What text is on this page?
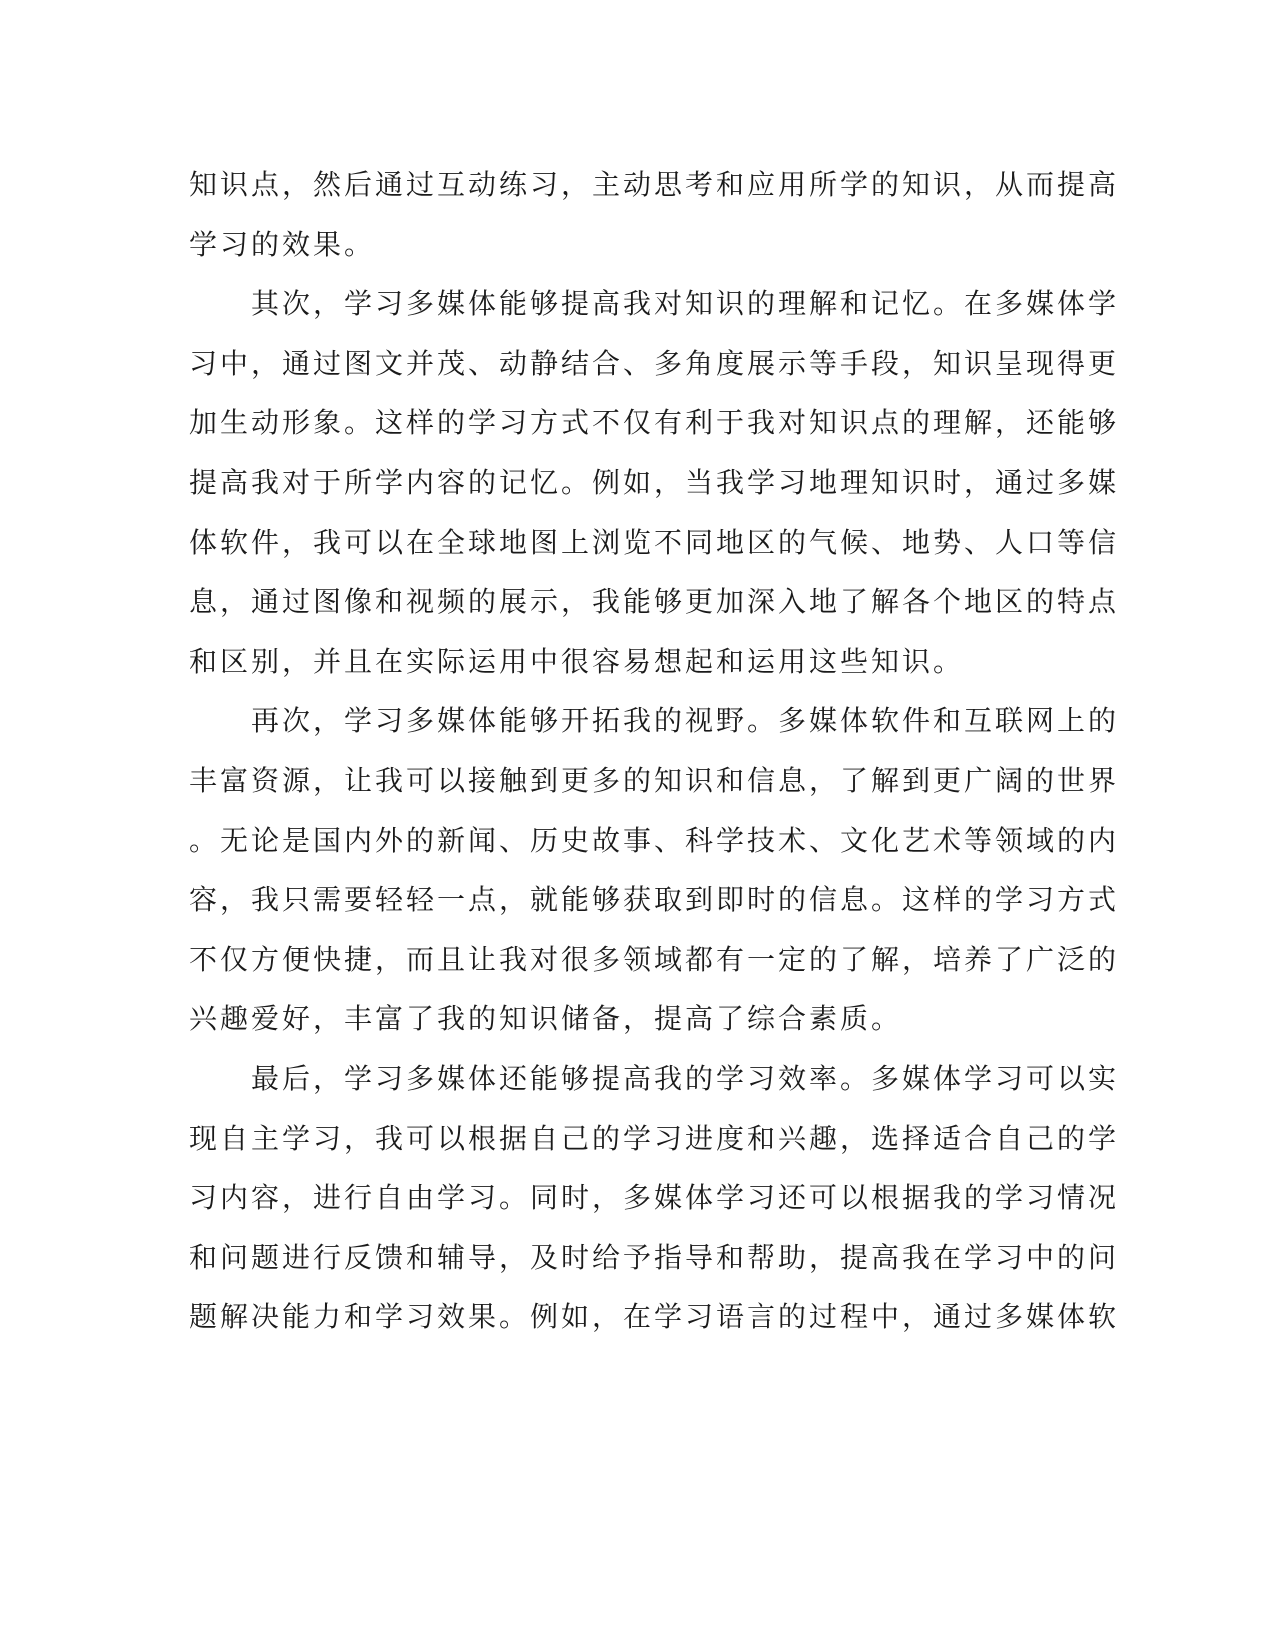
知识点，然后通过互动练习，主动思考和应用所学的知识，从而提高
学习的效果。
　　其次，学习多媒体能够提高我对知识的理解和记忆。在多媒体学
习中，通过图文并茂、动静结合、多角度展示等手段，知识呈现得更
加生动形象。这样的学习方式不仅有利于我对知识点的理解，还能够
提高我对于所学内容的记忆。例如，当我学习地理知识时，通过多媒
体软件，我可以在全球地图上浏览不同地区的气候、地势、人口等信
息，通过图像和视频的展示，我能够更加深入地了解各个地区的特点
和区别，并且在实际运用中很容易想起和运用这些知识。
　　再次，学习多媒体能够开拓我的视野。多媒体软件和互联网上的
丰富资源，让我可以接触到更多的知识和信息，了解到更广阔的世界
。无论是国内外的新闻、历史故事、科学技术、文化艺术等领域的内
容，我只需要轻轻一点，就能够获取到即时的信息。这样的学习方式
不仅方便快捷，而且让我对很多领域都有一定的了解，培养了广泛的
兴趣爱好，丰富了我的知识储备，提高了综合素质。
　　最后，学习多媒体还能够提高我的学习效率。多媒体学习可以实
现自主学习，我可以根据自己的学习进度和兴趣，选择适合自己的学
习内容，进行自由学习。同时，多媒体学习还可以根据我的学习情况
和问题进行反馈和辅导，及时给予指导和帮助，提高我在学习中的问
题解决能力和学习效果。例如，在学习语言的过程中，通过多媒体软
